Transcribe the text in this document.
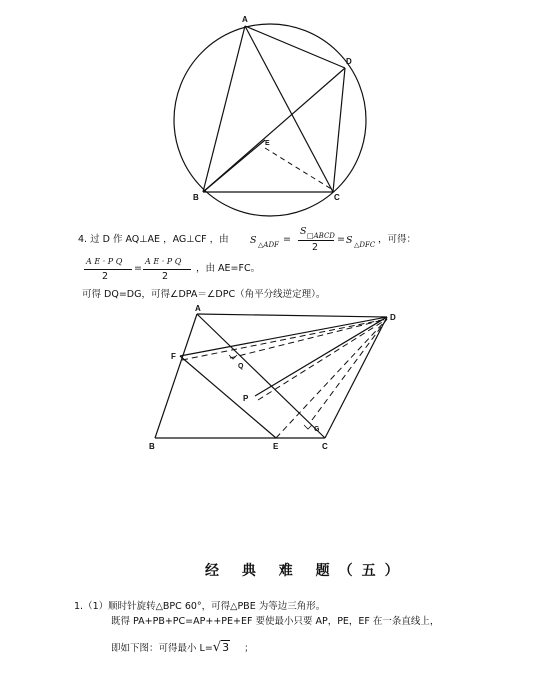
A
D
E
B	C
4. 过 D 作 AQ⊥AE ，AG⊥CF ，由 S △ADF =
S □ABCD
2
= S △DFC ，可得：
A E · P Q
2
=
A E · P Q
2
，由 AE=FC。
可得 DQ=DG，可得∠DPA＝∠DPC（角平分线逆定理）。
A
D
F
Q
P
G
B	E	C
经 典 难 题（五）
1.（1）顺时针旋转△BPC 60°，可得△PBE 为等边三角形。
既得 PA+PB+PC=AP++PE+EF 要使最小只要 AP，PE，EF 在一条直线上，
即如下图：可得最小 L=√3 ；
